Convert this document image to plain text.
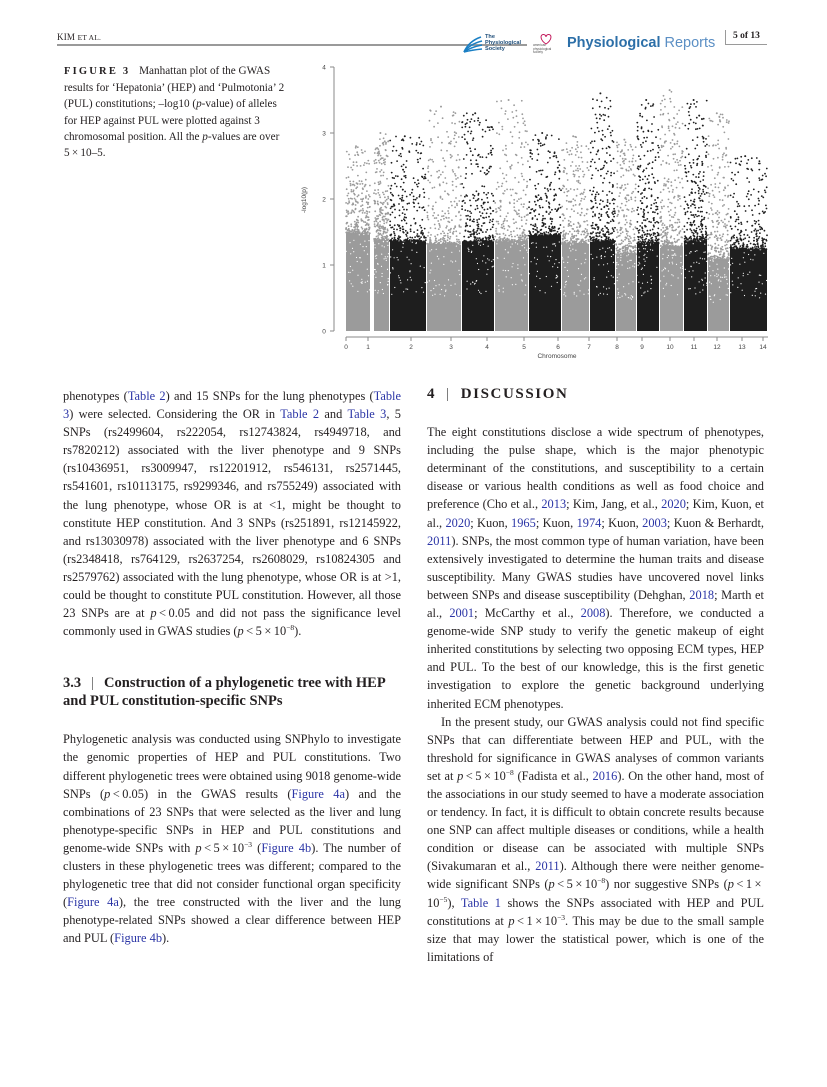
KIM ET AL.	The
Physiological
Society
american
physiological
society
Physiological Reports 5 of 13
FIGURE 3 Manhattan plot of the GWAS results for ‘Hepatonia’ (HEP) and ‘Pulmotonia’ 2 (PUL) constitutions; –log10 (p-value) of alleles for HEP against PUL were plotted against 3 chromosomal position. All the p-values are over 5 × 10–5.
0
1
2
3
4
0	1	2	3	4	5	6	7	8	9	10	11 12	13 14
-log10(p)
Chromosome

phenotypes (Table 2) and 15 SNPs for the lung phenotypes (Table 3) were selected. Considering the OR in Table 2 and Table 3, 5 SNPs (rs2499604, rs222054, rs12743824, rs4949718, and rs7820212) associated with the liver phenotype and 9 SNPs (rs10436951, rs3009947, rs12201912, rs546131, rs2571445, rs541601, rs10113175, rs9299346, and rs755249) associated with the lung phenotype, whose OR is at <1, might be thought to constitute HEP constitution. And 3 SNPs (rs251891, rs12145922, and rs13030978) associated with the liver phenotype and 6 SNPs (rs2348418, rs764129, rs2637254, rs2608029, rs10824305 and rs2579762) associated with the lung phenotype, whose OR is at >1, could be thought to constitute PUL constitution. However, all those 23 SNPs are at p < 0.05 and did not pass the significance level commonly used in GWAS studies $(p < 5 \times 10^{-8})$.

3.3 | Construction of a phylogenetic tree with HEP and PUL constitution-specific SNPs

Phylogenetic analysis was conducted using SNPhylo to investigate the genomic properties of HEP and PUL constitutions. Two different phylogenetic trees were obtained using 9018 genome-wide SNPs (p < 0.05) in the GWAS results (Figure 4a) and the combinations of 23 SNPs that were selected as the liver and lung phenotype-specific SNPs in HEP and PUL constitutions and genome-wide SNPs with $p < 5 \times 10^{-3}$ (Figure 4b). The number of clusters in these phylogenetic trees was different; compared to the phylogenetic tree that did not consider functional organ specificity (Figure 4a), the tree constructed with the liver and the lung phenotype-related SNPs showed a clear difference between HEP and PUL (Figure 4b).

4 | DISCUSSION

The eight constitutions disclose a wide spectrum of phenotypes, including the pulse shape, which is the major phenotypic determinant of the constitutions, and susceptibility to a certain disease or various health conditions as well as food choice and preference (Cho et al., 2013; Kim, Jang, et al., 2020; Kim, Kuon, et al., 2020; Kuon, 1965; Kuon, 1974; Kuon, 2003; Kuon & Berhardt, 2011). SNPs, the most common type of human variation, have been extensively investigated to determine the human traits and disease susceptibility. Many GWAS studies have uncovered novel links between SNPs and disease susceptibility (Dehghan, 2018; Marth et al., 2001; McCarthy et al., 2008). Therefore, we conducted a genome-wide SNP study to verify the genetic makeup of eight inherited constitutions by selecting two opposing ECM types, HEP and PUL. To the best of our knowledge, this is the first genetic investigation to explore the genetic background underlying inherited ECM phenotypes.

In the present study, our GWAS analysis could not find specific SNPs that can differentiate between HEP and PUL, with the threshold for significance in GWAS analyses of common variants set at $p < 5 \times 10^{-8}$ (Fadista et al., 2016). On the other hand, most of the associations in our study seemed to have a moderate association or tendency. In fact, it is difficult to obtain concrete results because one SNP can affect multiple diseases or conditions, while a health condition or disease can be associated with multiple SNPs (Sivakumaran et al., 2011). Although there were neither genome-wide significant SNPs $(p < 5 \times 10^{-8})$ nor suggestive SNPs $(p < 1 \times 10^{-5})$, Table 1 shows the SNPs associated with HEP and PUL constitutions at $p < 1 \times 10^{-3}$. This may be due to the small sample size that may lower the statistical power, which is one of the limitations of
